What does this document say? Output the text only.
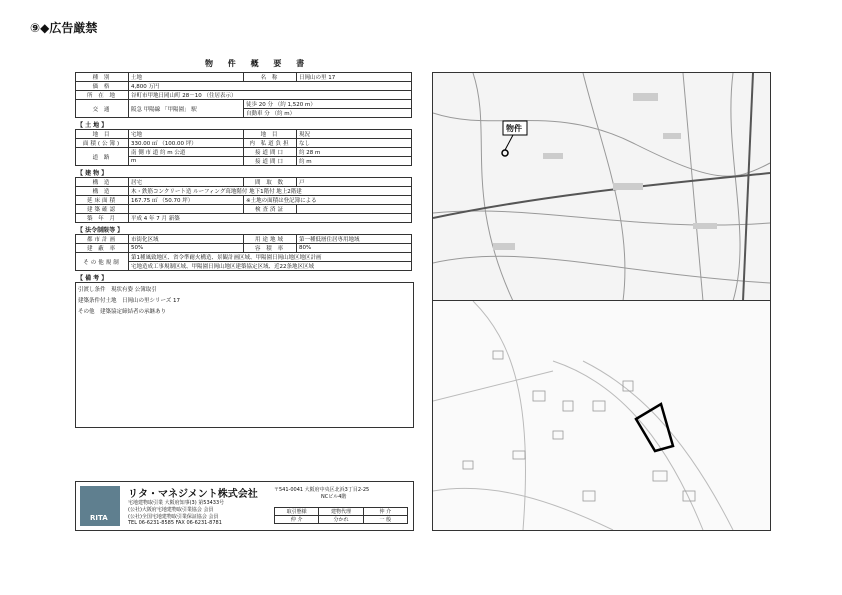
⑨◆広告厳禁
物 件 概 要 書
種 別	土地	名 称	日岡山の里 17
価 格	4,800 万円		
所 在 地	谷町市甲地日岡山町 28－10 （住居表示）		
交 通	阪急 甲陽線 「甲陽園」 駅	徒歩 20 分 （約 1,520 m）	
		自動車 分 （約 m）	
【 土 地 】
地 目	宅地	地 目	現況
面積(公簿)	330.00 ㎡ （100.00 坪）	内 私道負担	なし
道 路	南 側 市 道 約 m 公道	接道間口	約 28 m
	m	接道間口	約 m
【 建 物 】
構 造	居宅	間 取 数	戸
構 造	木・鉄筋コンクリート造 ルーフィング葺地階付 地下1階付 地上2階建		
延床面積	167.75 ㎡ （50.70 坪）	※土地の面積は登記簿による	
建築確認		検査済証	
築 年 月	平成 4 年 7 月 新築		
【 法令制限等 】
都市計画	市街化区域	用途地域	第一種低層住居専用地域
建 蔽 率	50%	容 積 率	80%
その他規制	第1種風致地区、省令準耐火構造、景観計画区域、甲陽園日岡山地区地区計画		
	宅地造成工事規制区域、甲陽園日岡山地区建築協定区域、近22条地区区域		
【 備 考 】
引渡し条件　 現状有姿 公簿取引
建築条件付土地　 日岡山の里シリーズ 17
その他　 建築協定締結者の承継あり
RITA
リタ・マネジメント株式会社
宅地建物取引業 大阪府知事(3) 第53433号
(公社)大阪府宅地建物取引業協会 会員
(公社)全国宅地建物取引業保証協会 会員
TEL 06-6231-8585 FAX 06-6231-8781
〒541-0041 大阪府中央区北浜3丁目2-25
NCビル4階
取引態様	建物代理	仲 介
仲 介	分かれ	一 般
物件
